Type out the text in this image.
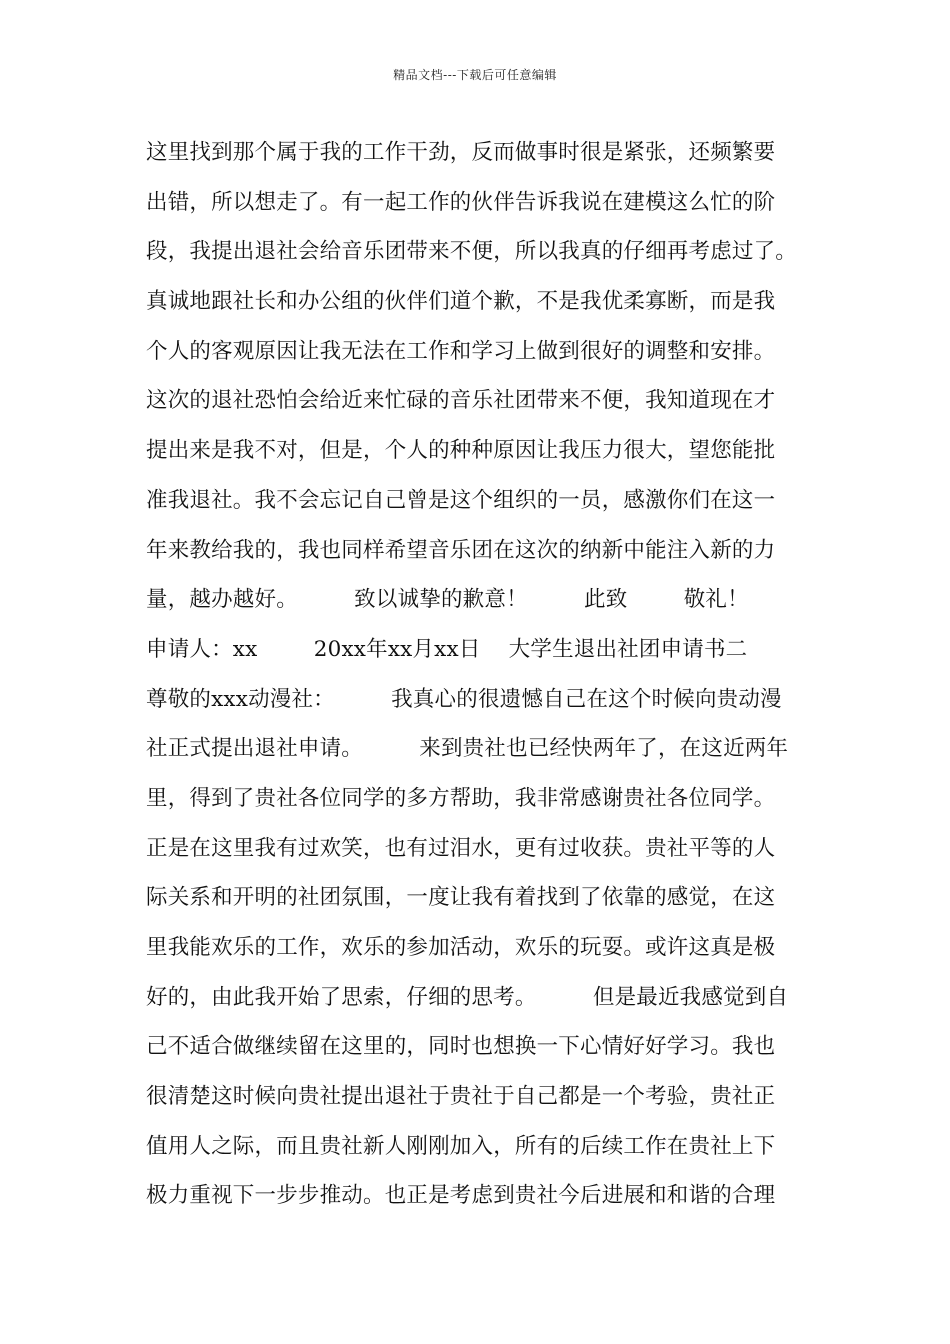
精品文档---下载后可任意编辑
这里找到那个属于我的工作干劲，反而做事时很是紧张，还频繁要
出错，所以想走了。有一起工作的伙伴告诉我说在建模这么忙的阶
段，我提出退社会给音乐团带来不便，所以我真的仔细再考虑过了。
真诚地跟社长和办公组的伙伴们道个歉，不是我优柔寡断，而是我
个人的客观原因让我无法在工作和学习上做到很好的调整和安排。
这次的退社恐怕会给近来忙碌的音乐社团带来不便，我知道现在才
提出来是我不对，但是，个人的种种原因让我压力很大，望您能批
准我退社。我不会忘记自己曾是这个组织的一员，感激你们在这一
年来教给我的，我也同样希望音乐团在这次的纳新中能注入新的力
量，越办越好。        致以诚挚的歉意！        此致        敬礼！
申请人：xx        20xx年xx月xx日    大学生退出社团申请书二
尊敬的xxx动漫社：        我真心的很遗憾自己在这个时候向贵动漫
社正式提出退社申请。        来到贵社也已经快两年了，在这近两年
里，得到了贵社各位同学的多方帮助，我非常感谢贵社各位同学。
正是在这里我有过欢笑，也有过泪水，更有过收获。贵社平等的人
际关系和开明的社团氛围，一度让我有着找到了依靠的感觉，在这
里我能欢乐的工作，欢乐的参加活动，欢乐的玩耍。或许这真是极
好的，由此我开始了思索，仔细的思考。        但是最近我感觉到自
己不适合做继续留在这里的，同时也想换一下心情好好学习。我也
很清楚这时候向贵社提出退社于贵社于自己都是一个考验，贵社正
值用人之际，而且贵社新人刚刚加入，所有的后续工作在贵社上下
极力重视下一步步推动。也正是考虑到贵社今后进展和和谐的合理
